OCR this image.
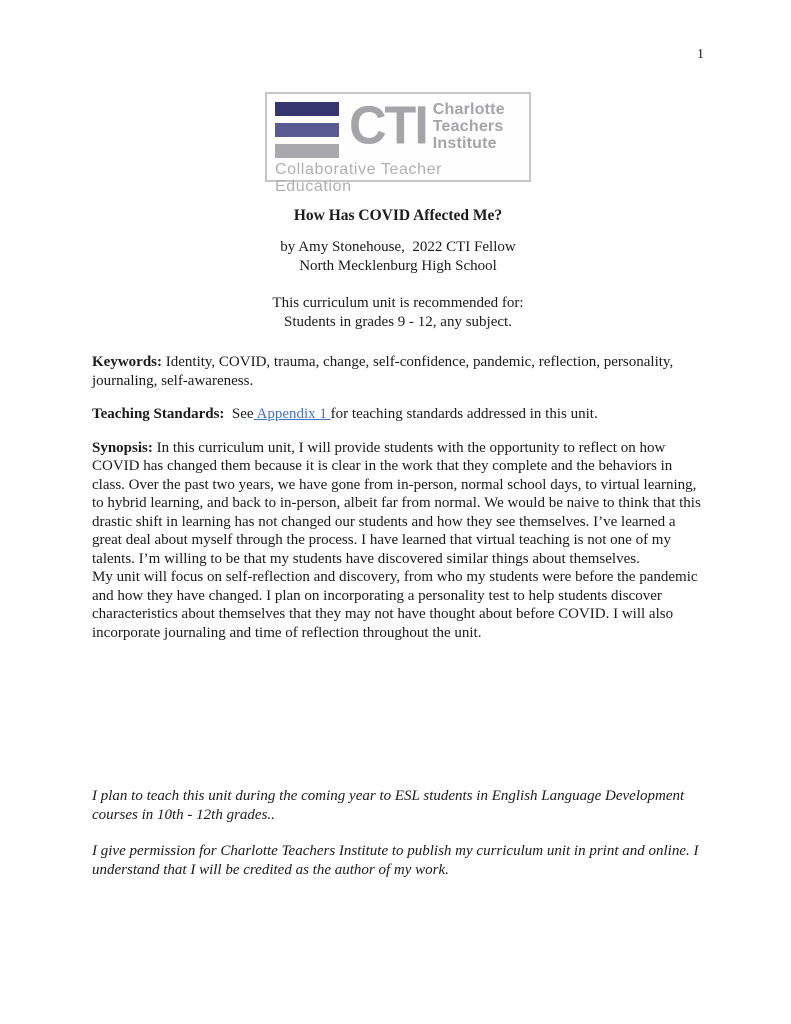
1
CTI Charlotte
Teachers
Institute
Collaborative Teacher Education
How Has COVID Affected Me?
by Amy Stonehouse,  2022 CTI Fellow
North Mecklenburg High School
This curriculum unit is recommended for:
Students in grades 9 - 12, any subject.

Keywords: Identity, COVID, trauma, change, self-confidence, pandemic, reflection, personality, journaling, self-awareness.

Teaching Standards:  See Appendix 1 for teaching standards addressed in this unit.

Synopsis: In this curriculum unit, I will provide students with the opportunity to reflect on how COVID has changed them because it is clear in the work that they complete and the behaviors in class. Over the past two years, we have gone from in-person, normal school days, to virtual learning, to hybrid learning, and back to in-person, albeit far from normal. We would be naive to think that this drastic shift in learning has not changed our students and how they see themselves. I’ve learned a great deal about myself through the process. I have learned that virtual teaching is not one of my talents. I’m willing to be that my students have discovered similar things about themselves.

My unit will focus on self-reflection and discovery, from who my students were before the pandemic and how they have changed. I plan on incorporating a personality test to help students discover characteristics about themselves that they may not have thought about before COVID. I will also incorporate journaling and time of reflection throughout the unit.

I plan to teach this unit during the coming year to ESL students in English Language Development courses in 10th - 12th grades..

I give permission for Charlotte Teachers Institute to publish my curriculum unit in print and online. I understand that I will be credited as the author of my work.
